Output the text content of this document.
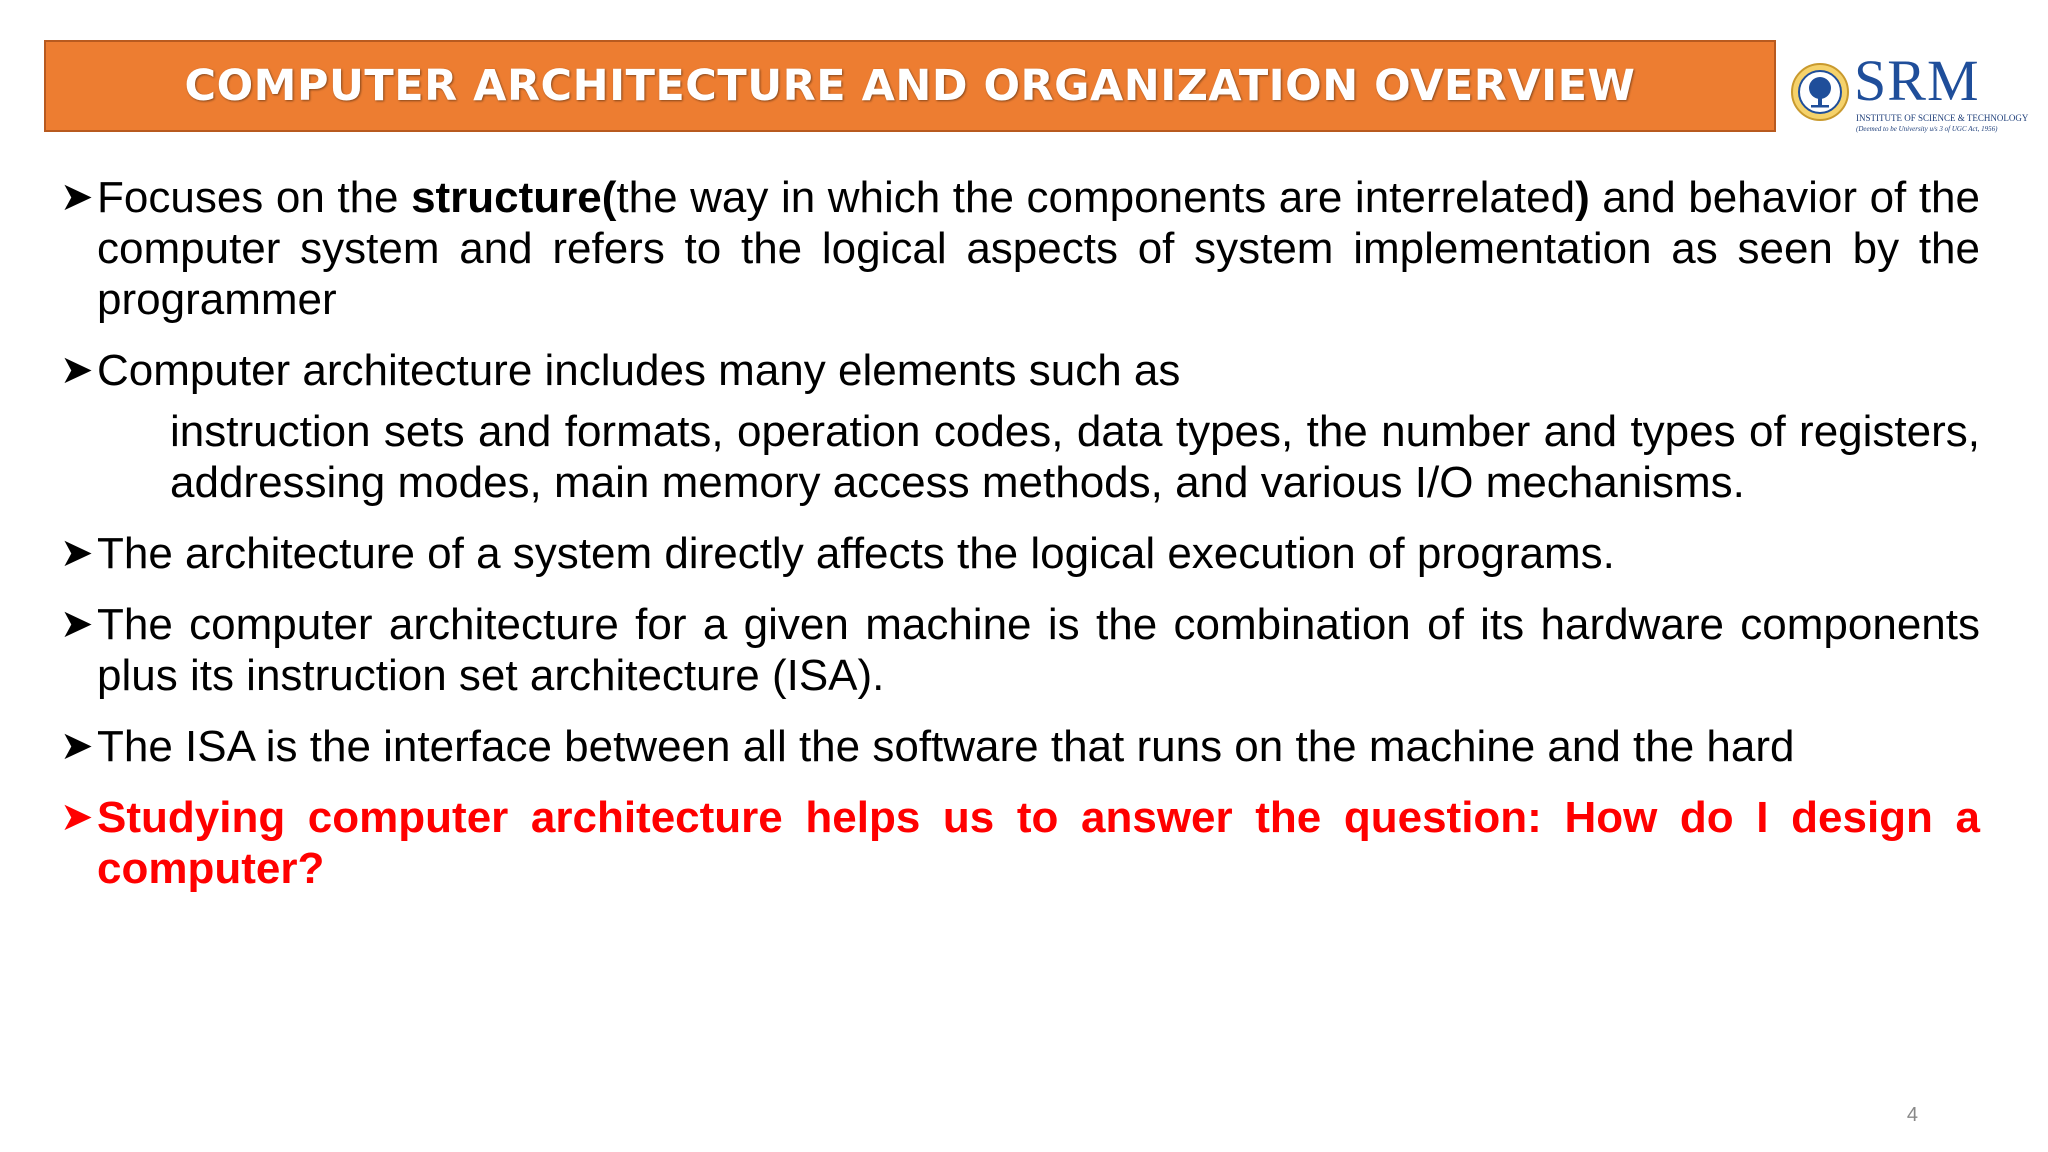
COMPUTER ARCHITECTURE AND ORGANIZATION OVERVIEW	SRM
INSTITUTE OF SCIENCE & TECHNOLOGY
(Deemed to be University u/s 3 of UGC Act, 1956)
➤ Focuses on the structure(the way in which the components are interrelated) and behavior of the computer system and refers to the logical aspects of system implementation as seen by the programmer
➤ Computer architecture includes many elements such as
instruction sets and formats, operation codes, data types, the number and types of registers, addressing modes, main memory access methods, and various I/O mechanisms.
➤ The architecture of a system directly affects the logical execution of programs.
➤ The computer architecture for a given machine is the combination of its hardware components plus its instruction set architecture (ISA).
➤ The ISA is the interface between all the software that runs on the machine and the hard
➤ Studying computer architecture helps us to answer the question: How do I design a computer?
4
